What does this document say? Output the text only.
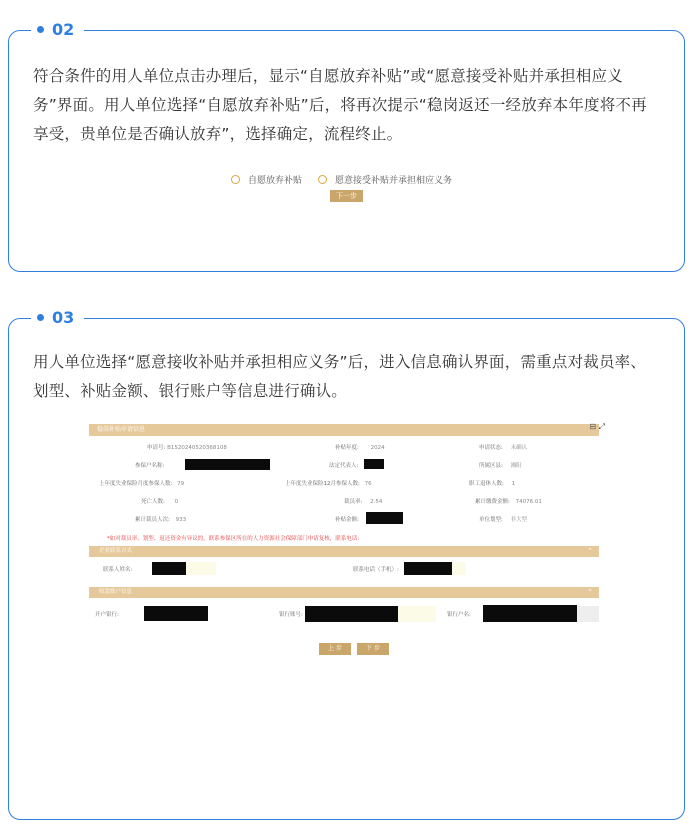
02
符合条件的用人单位点击办理后，显示“自愿放弃补贴”或“愿意接受补贴并承担相应义务”界面。用人单位选择“自愿放弃补贴”后，将再次提示“稳岗返还一经放弃本年度将不再享受，贵单位是否确认放弃”，选择确定，流程终止。
自愿放弃补贴	愿意接受补贴并承担相应义务
下一步
03
用人单位选择“愿意接收补贴并承担相应义务”后，进入信息确认界面，需重点对裁员率、划型、补贴金额、银行账户等信息进行确认。
稳岗补贴申请信息	⊟ ⤢
申请号: B1520240520368108	补贴年度: 2024	申请状态: 未确认
参保户名称:	法定代表人:	所属区县: 湘阳
上年度失业保险月度参保人数: 79	上年度失业保险12月参保人数: 76	职工退休人数: 1
死亡人数: 0	裁员率: 2.54	累计缴费金额: 74076.01
累计裁员人次: 933	补贴金额:	单位划型: 非大型
*如对裁员率、划型、返还资金有异议的，联系参保区所在的人力资源社会保障部门申请复核，联系电话：
企业联系方式	⌃
联系人姓名:	联系电话（手机）:
收款账户信息	⌃
开户银行:	银行账号:	银行户名:
上 步	下 步
